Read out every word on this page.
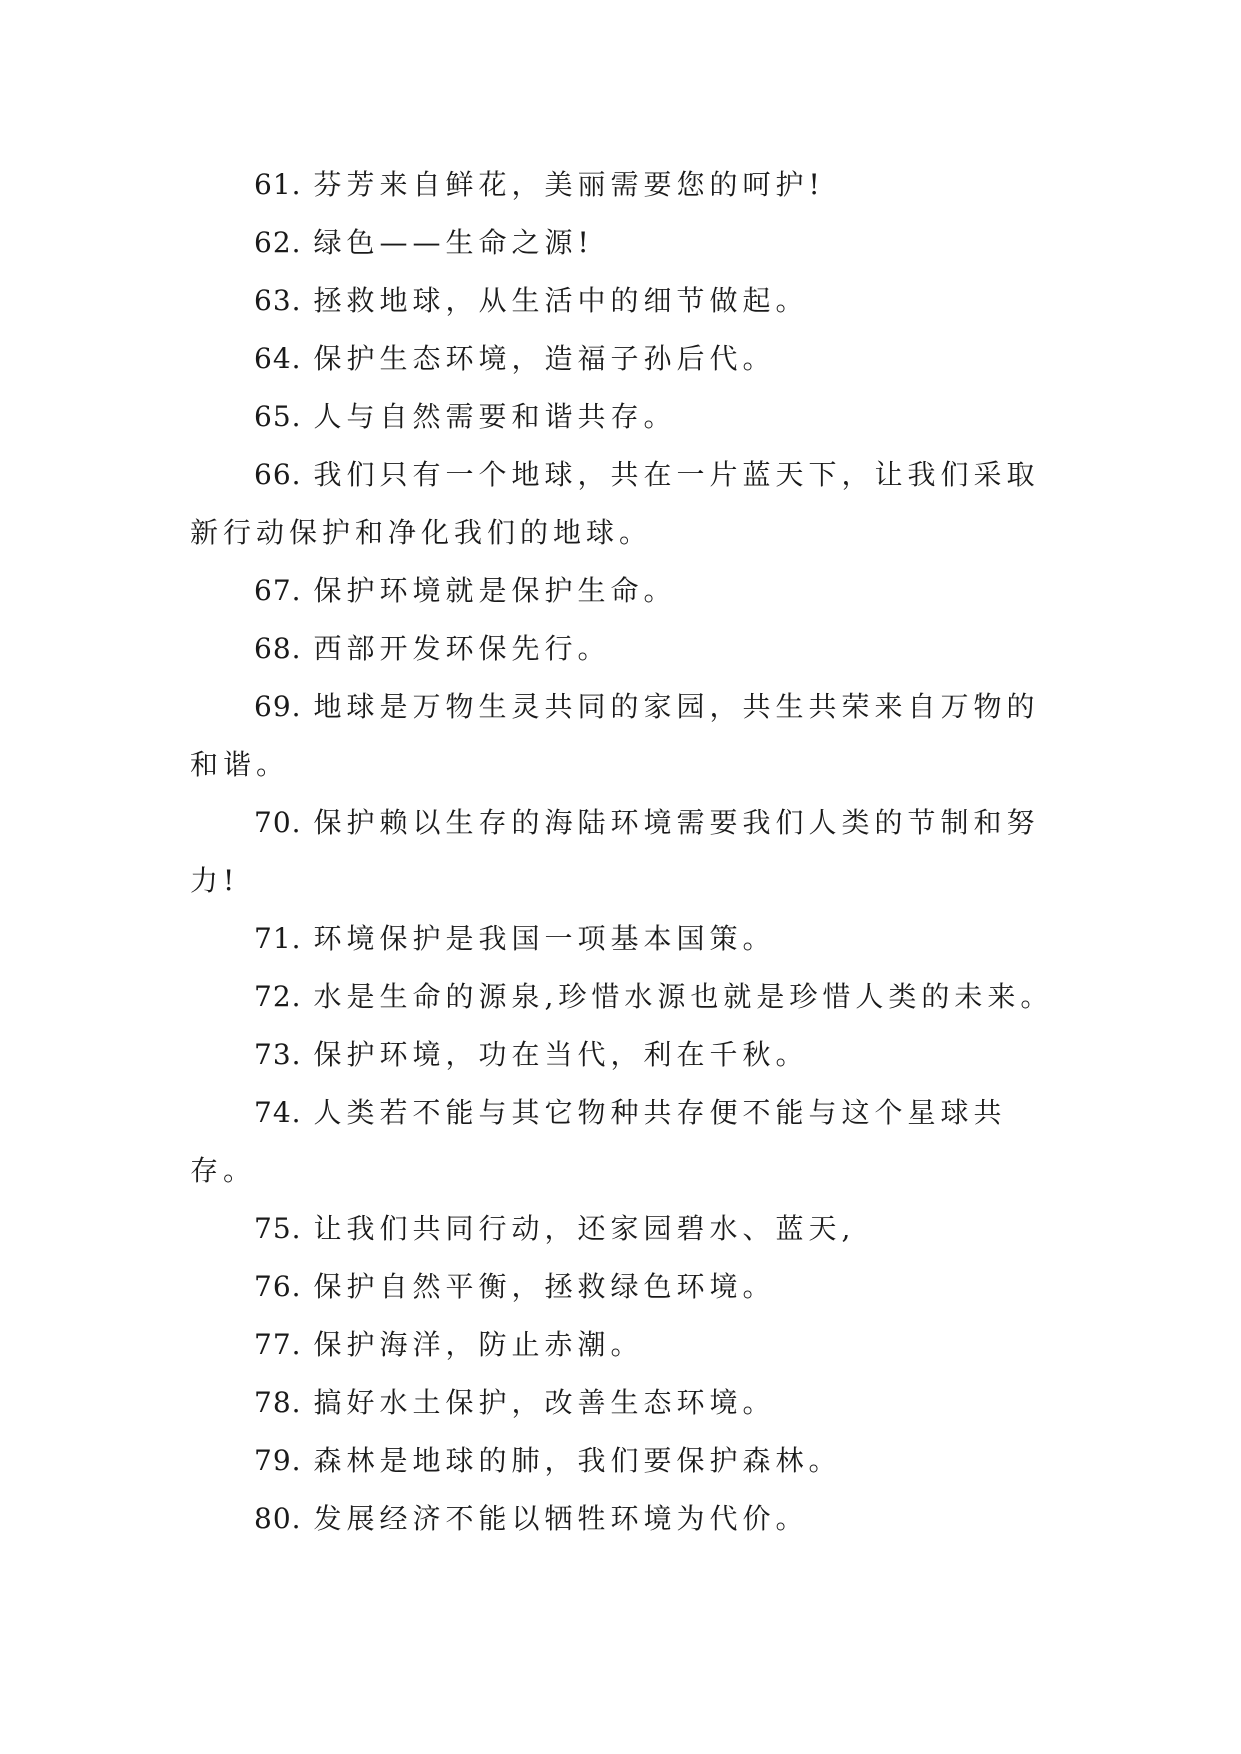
61. 芬芳来自鲜花，美丽需要您的呵护!

62. 绿色——生命之源!

63. 拯救地球，从生活中的细节做起。

64. 保护生态环境，造福子孙后代。

65. 人与自然需要和谐共存。

66. 我们只有一个地球，共在一片蓝天下，让我们采取新行动保护和净化我们的地球。

67. 保护环境就是保护生命。

68. 西部开发环保先行。

69. 地球是万物生灵共同的家园，共生共荣来自万物的和谐。

70. 保护赖以生存的海陆环境需要我们人类的节制和努力!

71. 环境保护是我国一项基本国策。

72. 水是生命的源泉,珍惜水源也就是珍惜人类的未来。

73. 保护环境，功在当代，利在千秋。

74. 人类若不能与其它物种共存便不能与这个星球共存。

75. 让我们共同行动，还家园碧水、蓝天,

76. 保护自然平衡，拯救绿色环境。

77. 保护海洋，防止赤潮。

78. 搞好水土保护，改善生态环境。

79. 森林是地球的肺，我们要保护森林。

80. 发展经济不能以牺牲环境为代价。
